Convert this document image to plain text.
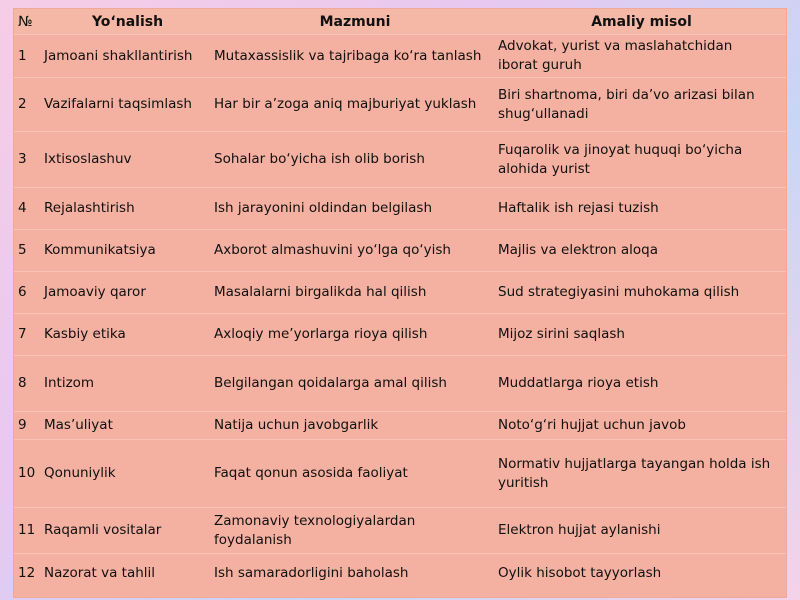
№	Yo‘nalish	Mazmuni	Amaliy misol
1	Jamoani shakllantirish	Mutaxassislik va tajribaga ko‘ra tanlash	Advokat, yurist va maslahatchidan iborat guruh
2	Vazifalarni taqsimlash	Har bir a’zoga aniq majburiyat yuklash	Biri shartnoma, biri da’vo arizasi bilan shug‘ullanadi
3	Ixtisoslashuv	Sohalar bo‘yicha ish olib borish	Fuqarolik va jinoyat huquqi bo‘yicha alohida yurist
4	Rejalashtirish	Ish jarayonini oldindan belgilash	Haftalik ish rejasi tuzish
5	Kommunikatsiya	Axborot almashuvini yo‘lga qo‘yish	Majlis va elektron aloqa
6	Jamoaviy qaror	Masalalarni birgalikda hal qilish	Sud strategiyasini muhokama qilish
7	Kasbiy etika	Axloqiy me’yorlarga rioya qilish	Mijoz sirini saqlash
8	Intizom	Belgilangan qoidalarga amal qilish	Muddatlarga rioya etish
9	Mas’uliyat	Natija uchun javobgarlik	Noto‘g‘ri hujjat uchun javob
10	Qonuniylik	Faqat qonun asosida faoliyat	Normativ hujjatlarga tayangan holda ish yuritish
11	Raqamli vositalar	Zamonaviy texnologiyalardan foydalanish	Elektron hujjat aylanishi
12	Nazorat va tahlil	Ish samaradorligini baholash	Oylik hisobot tayyorlash
